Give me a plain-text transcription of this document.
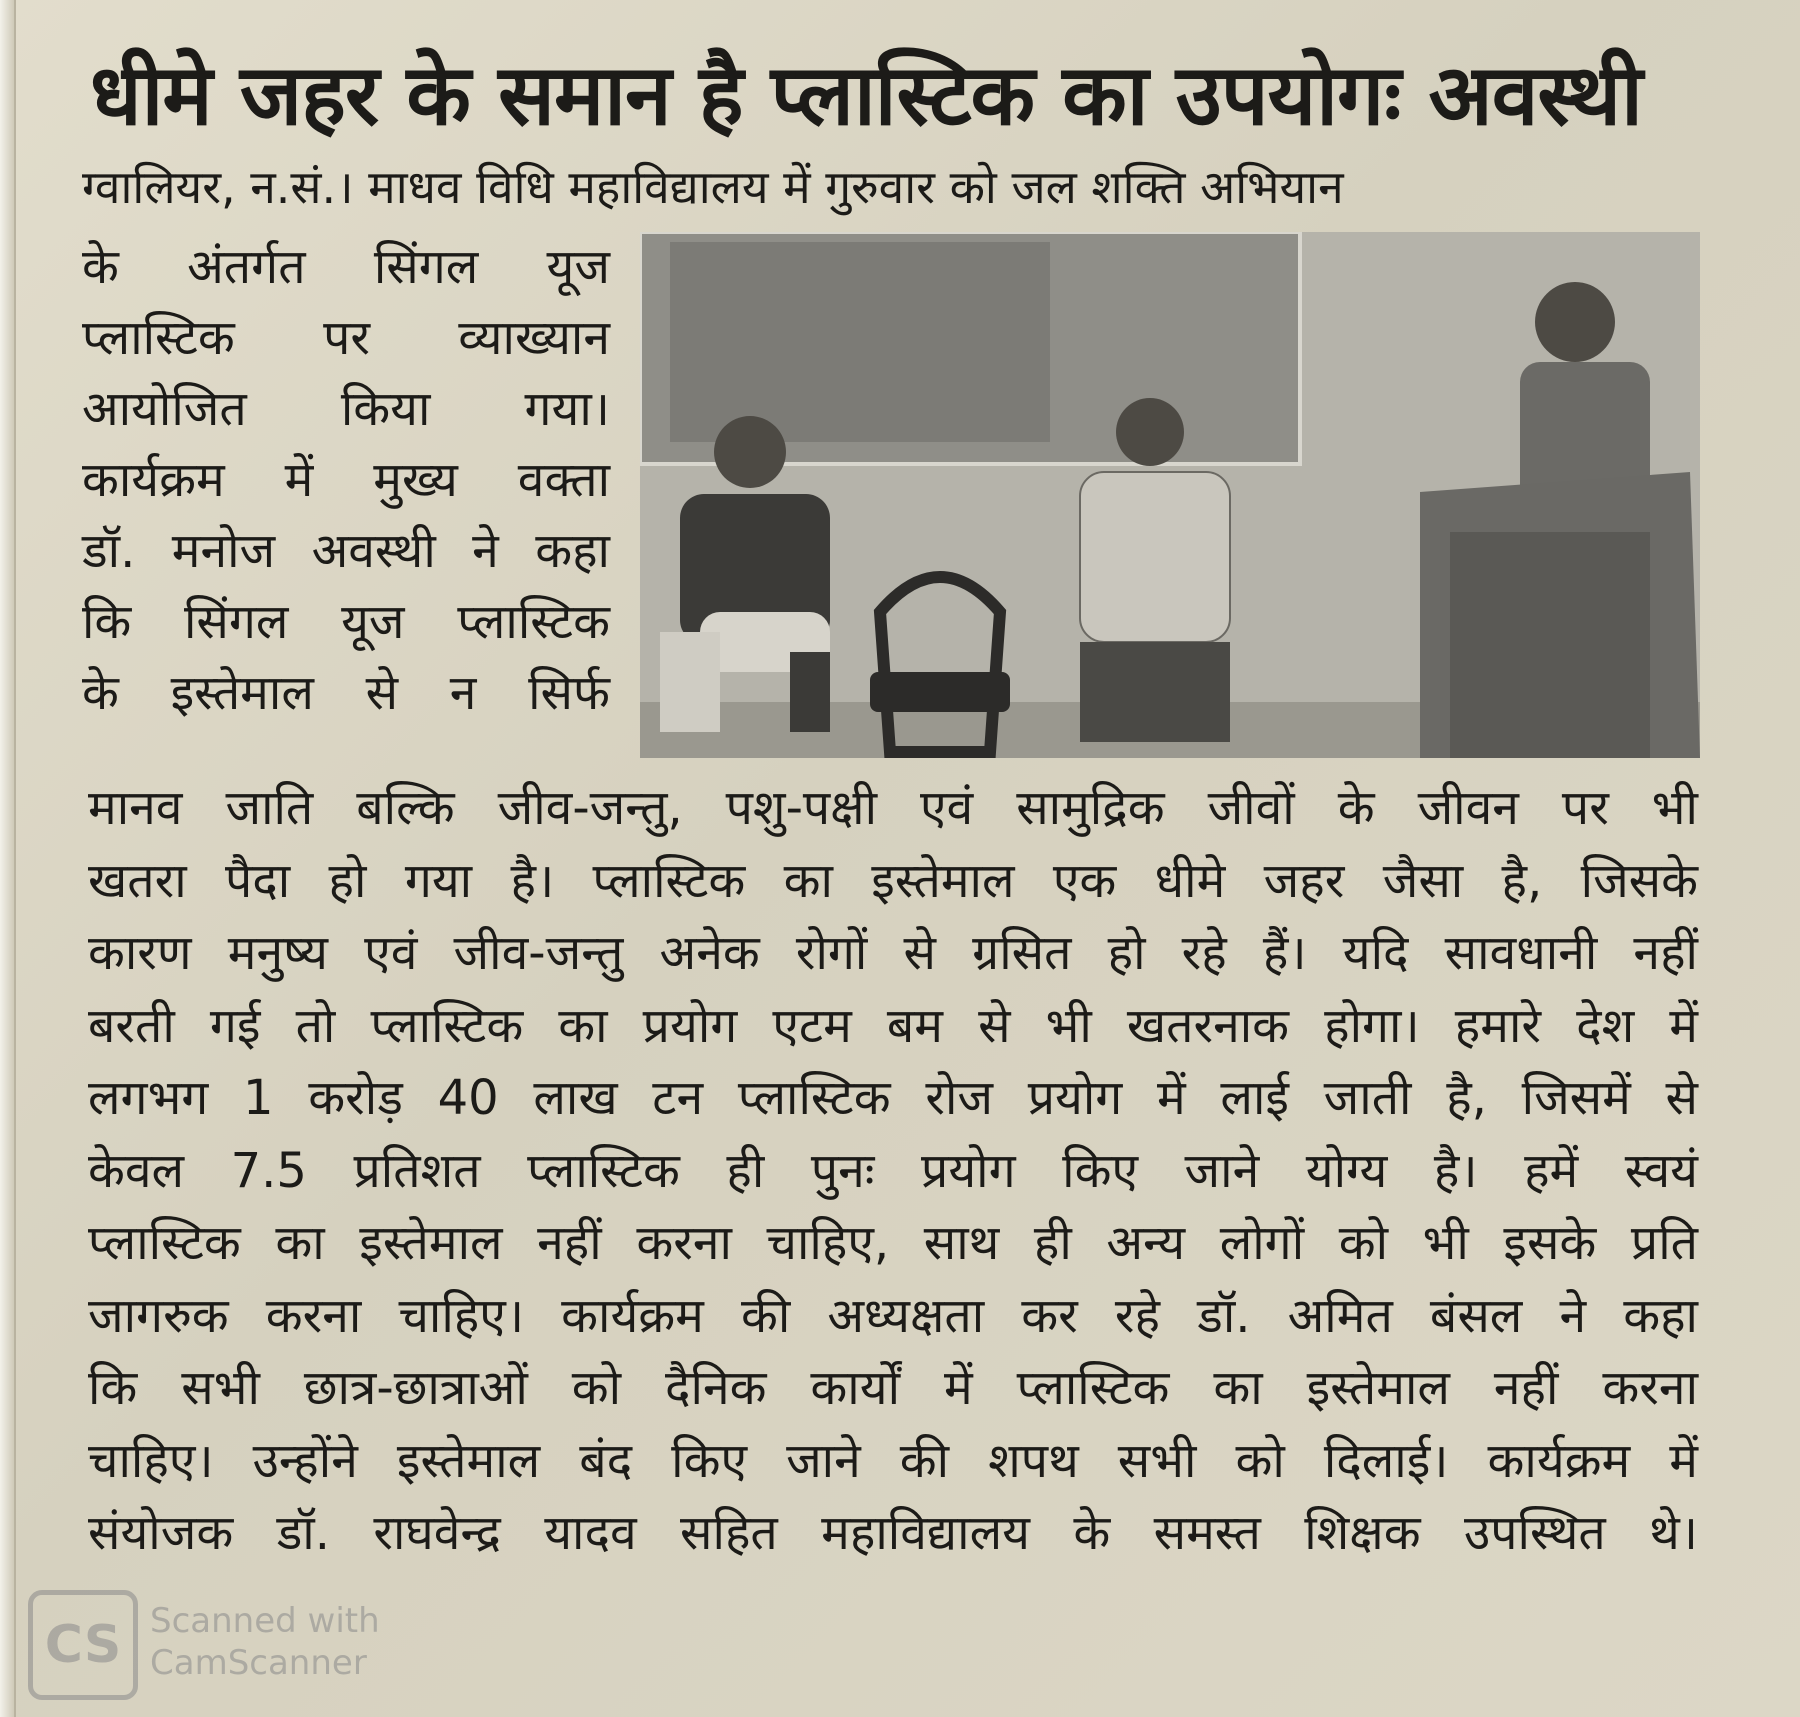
धीमे जहर के समान है प्लास्टिक का उपयोगः अवस्थी
ग्वालियर, न.सं.। माधव विधि महाविद्यालय में गुरुवार को जल शक्ति अभियान
के अंतर्गत सिंगल यूज
प्लास्टिक पर व्याख्यान
आयोजित किया गया।
कार्यक्रम में मुख्य वक्ता
डॉ. मनोज अवस्थी ने कहा
कि सिंगल यूज प्लास्टिक
के इस्तेमाल से न सिर्फ
मानव जाति बल्कि जीव-जन्तु, पशु-पक्षी एवं सामुद्रिक जीवों के जीवन पर भी
खतरा पैदा हो गया है। प्लास्टिक का इस्तेमाल एक धीमे जहर जैसा है, जिसके
कारण मनुष्य एवं जीव-जन्तु अनेक रोगों से ग्रसित हो रहे हैं। यदि सावधानी नहीं
बरती गई तो प्लास्टिक का प्रयोग एटम बम से भी खतरनाक होगा। हमारे देश में
लगभग 1 करोड़ 40 लाख टन प्लास्टिक रोज प्रयोग में लाई जाती है, जिसमें से
केवल 7.5 प्रतिशत प्लास्टिक ही पुनः प्रयोग किए जाने योग्य है। हमें स्वयं
प्लास्टिक का इस्तेमाल नहीं करना चाहिए, साथ ही अन्य लोगों को भी इसके प्रति
जागरुक करना चाहिए। कार्यक्रम की अध्यक्षता कर रहे डॉ. अमित बंसल ने कहा
कि सभी छात्र-छात्राओं को दैनिक कार्यों में प्लास्टिक का इस्तेमाल नहीं करना
चाहिए। उन्होंने इस्तेमाल बंद किए जाने की शपथ सभी को दिलाई। कार्यक्रम में
संयोजक डॉ. राघवेन्द्र यादव सहित महाविद्यालय के समस्त शिक्षक उपस्थित थे।
CS Scanned with
CamScanner
